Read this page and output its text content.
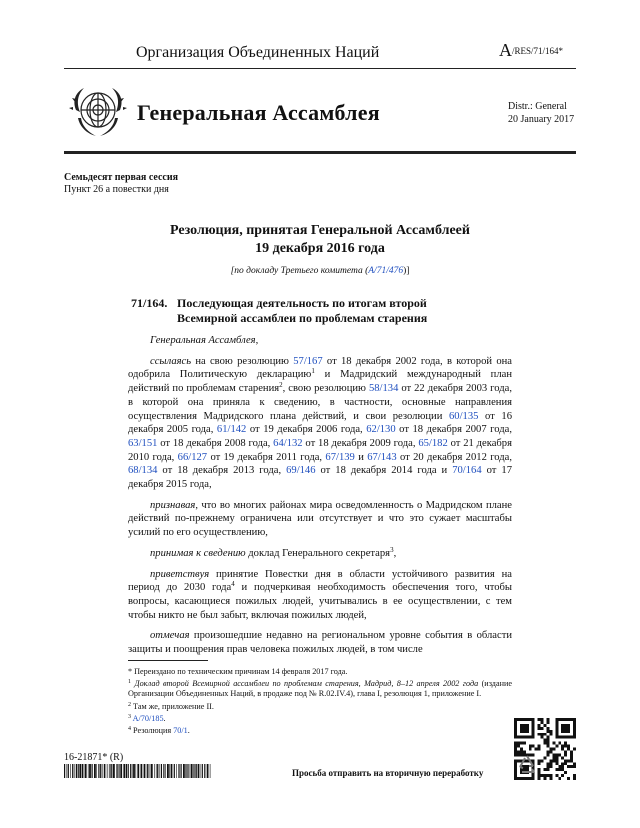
Организация Объединенных Наций	A/RES/71/164*
Генеральная Ассамблея	Distr.: General
20 January 2017
Семьдесят первая сессия
Пункт 26 а повестки дня
Резолюция, принятая Генеральной Ассамблеей
19 декабря 2016 года
[по докладу Третьего комитета (A/71/476)]
71/164. Последующая деятельность по итогам второй
Всемирной ассамблеи по проблемам старения

Генеральная Ассамблея,

ссылаясь на свою резолюцию 57/167 от 18 декабря 2002 года, в которой она одобрила Политическую декларацию$^1$ и Мадридский международный план действий по проблемам старения$^2$, свою резолюцию 58/134 от 22 декабря 2003 года, в которой она приняла к сведению, в частности, основные направления осуществления Мадридского плана действий, и свои резолюции 60/135 от 16 декабря 2005 года, 61/142 от 19 декабря 2006 года, 62/130 от 18 декабря 2007 года, 63/151 от 18 декабря 2008 года, 64/132 от 18 декабря 2009 года, 65/182 от 21 декабря 2010 года, 66/127 от 19 декабря 2011 года, 67/139 и 67/143 от 20 декабря 2012 года, 68/134 от 18 декабря 2013 года, 69/146 от 18 декабря 2014 года и 70/164 от 17 декабря 2015 года,

признавая, что во многих районах мира осведомленность о Мадридском плане действий по-прежнему ограничена или отсутствует и что это сужает масштабы усилий по его осуществлению,

принимая к сведению доклад Генерального секретаря$^3$,

приветствуя принятие Повестки дня в области устойчивого развития на период до 2030 года$^4$ и подчеркивая необходимость обеспечения того, чтобы вопросы, касающиеся пожилых людей, учитывались в ее осуществлении, с тем чтобы никто не был забыт, включая пожилых людей,

отмечая произошедшие недавно на региональном уровне события в области защиты и поощрения прав человека пожилых людей, в том числе

* Переиздано по техническим причинам 14 февраля 2017 года.

$^1$ Доклад второй Всемирной ассамблеи по проблемам старения, Мадрид, 8–12 апреля 2002 года (издание Организации Объединенных Наций, в продаже под № R.02.IV.4), глава I, резолюция 1, приложение I.

$^2$ Там же, приложение II.

$^3$ A/70/185.

$^4$ Резолюция 70/1.

16-21871* (R)
Просьба отправить на вторичную переработку
